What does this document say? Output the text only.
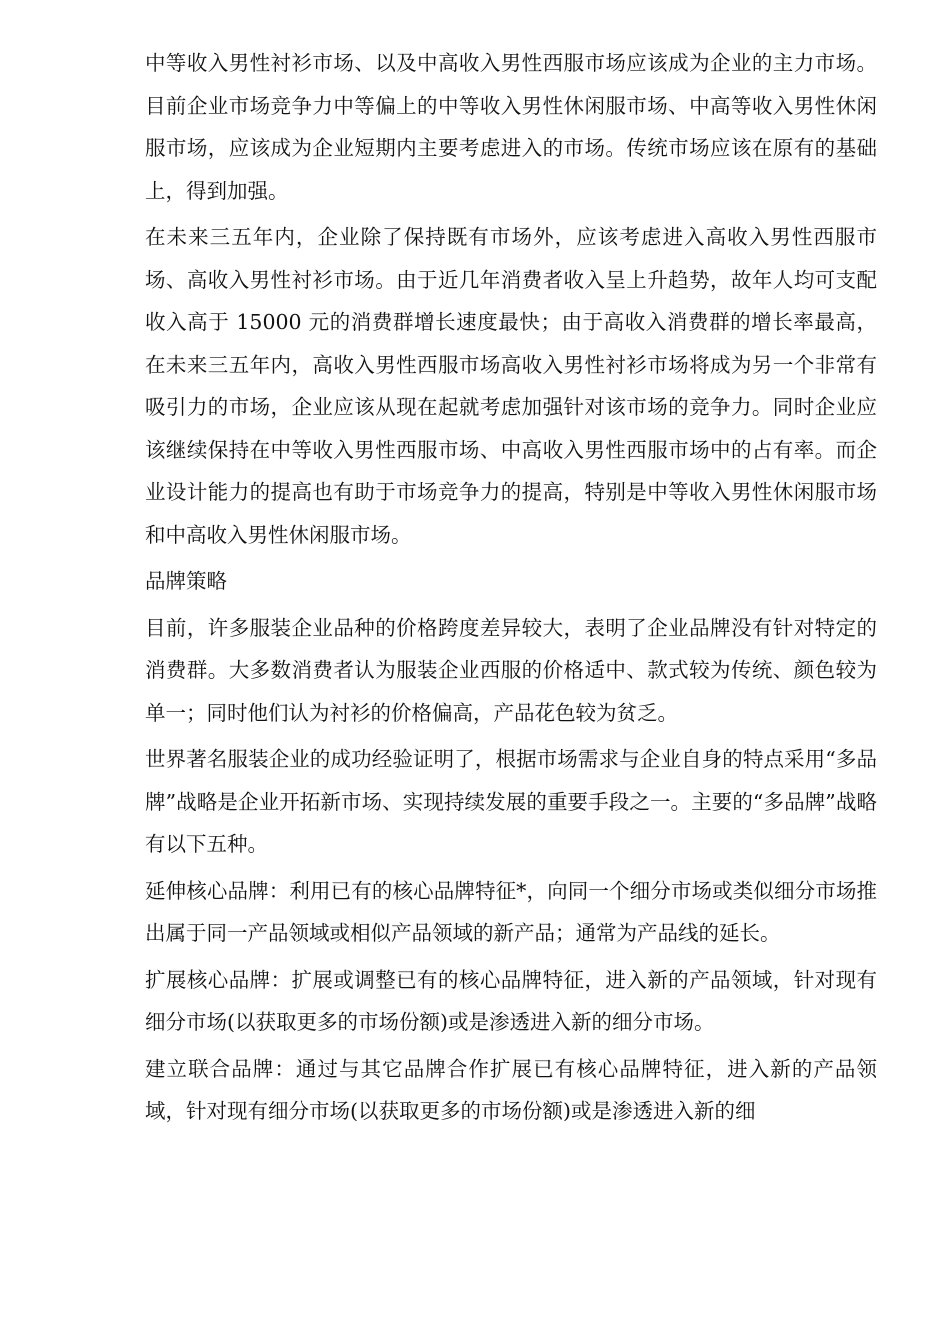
中等收入男性衬衫市场、以及中高收入男性西服市场应该成为企业的主力市场。目前企业市场竞争力中等偏上的中等收入男性休闲服市场、中高等收入男性休闲服市场，应该成为企业短期内主要考虑进入的市场。传统市场应该在原有的基础上，得到加强。

在未来三五年内，企业除了保持既有市场外，应该考虑进入高收入男性西服市场、高收入男性衬衫市场。由于近几年消费者收入呈上升趋势，故年人均可支配收入高于 15000 元的消费群增长速度最快；由于高收入消费群的增长率最高，在未来三五年内，高收入男性西服市场高收入男性衬衫市场将成为另一个非常有吸引力的市场，企业应该从现在起就考虑加强针对该市场的竞争力。同时企业应该继续保持在中等收入男性西服市场、中高收入男性西服市场中的占有率。而企业设计能力的提高也有助于市场竞争力的提高，特别是中等收入男性休闲服市场和中高收入男性休闲服市场。

品牌策略

目前，许多服装企业品种的价格跨度差异较大，表明了企业品牌没有针对特定的消费群。大多数消费者认为服装企业西服的价格适中、款式较为传统、颜色较为单一；同时他们认为衬衫的价格偏高，产品花色较为贫乏。

世界著名服装企业的成功经验证明了，根据市场需求与企业自身的特点采用“多品牌”战略是企业开拓新市场、实现持续发展的重要手段之一。主要的“多品牌”战略有以下五种。

延伸核心品牌：利用已有的核心品牌特征*，向同一个细分市场或类似细分市场推出属于同一产品领域或相似产品领域的新产品；通常为产品线的延长。

扩展核心品牌：扩展或调整已有的核心品牌特征，进入新的产品领域，针对现有细分市场(以获取更多的市场份额)或是渗透进入新的细分市场。

建立联合品牌：通过与其它品牌合作扩展已有核心品牌特征，进入新的产品领域，针对现有细分市场(以获取更多的市场份额)或是渗透进入新的细
